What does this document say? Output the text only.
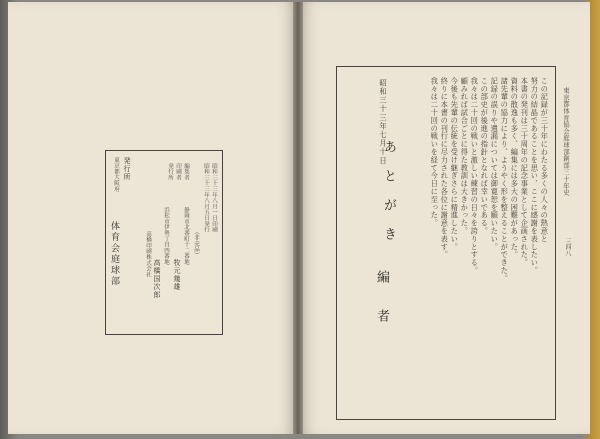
昭和三十三年八月一日印刷
昭和三十三年八月五日発行
（非売品）
編集者
印刷者
発行所
静岡市北番町十二番地
牧元幾雄
浜松市伊勢丁目四番地
高橋国次郎
高橋印刷株式会社
発行所
東京都大阪府
体育会庭球部
東京都体育協会庭球部創部三十年史
三四八
この記録が三十年にわたる多くの人々の熱意と
努力の結晶であることを思い、ここに感謝を表したい。
本書の発刊は三十周年の記念事業として企画された。
資料の散逸も多く、編集には多大の困難があった。
諸先輩の協力により、ようやく形を整えることができた。
記録の誤りや遺漏については御寛恕を願いたい。
この部史が後進の指針となれば幸いである。
我々は二十回の戦いと激しい練習の日々を誇りとする。
顧みれば試合ごとに得た教訓は大きかった。
今後も先輩の伝統を受け継ぎさらに精進したい。
終りに本書の刊行に尽力された各位に謝意を表す。
我々は二十回の戦いを経て今日に至った。
あとがき
昭和三十三年七月十日
編者
